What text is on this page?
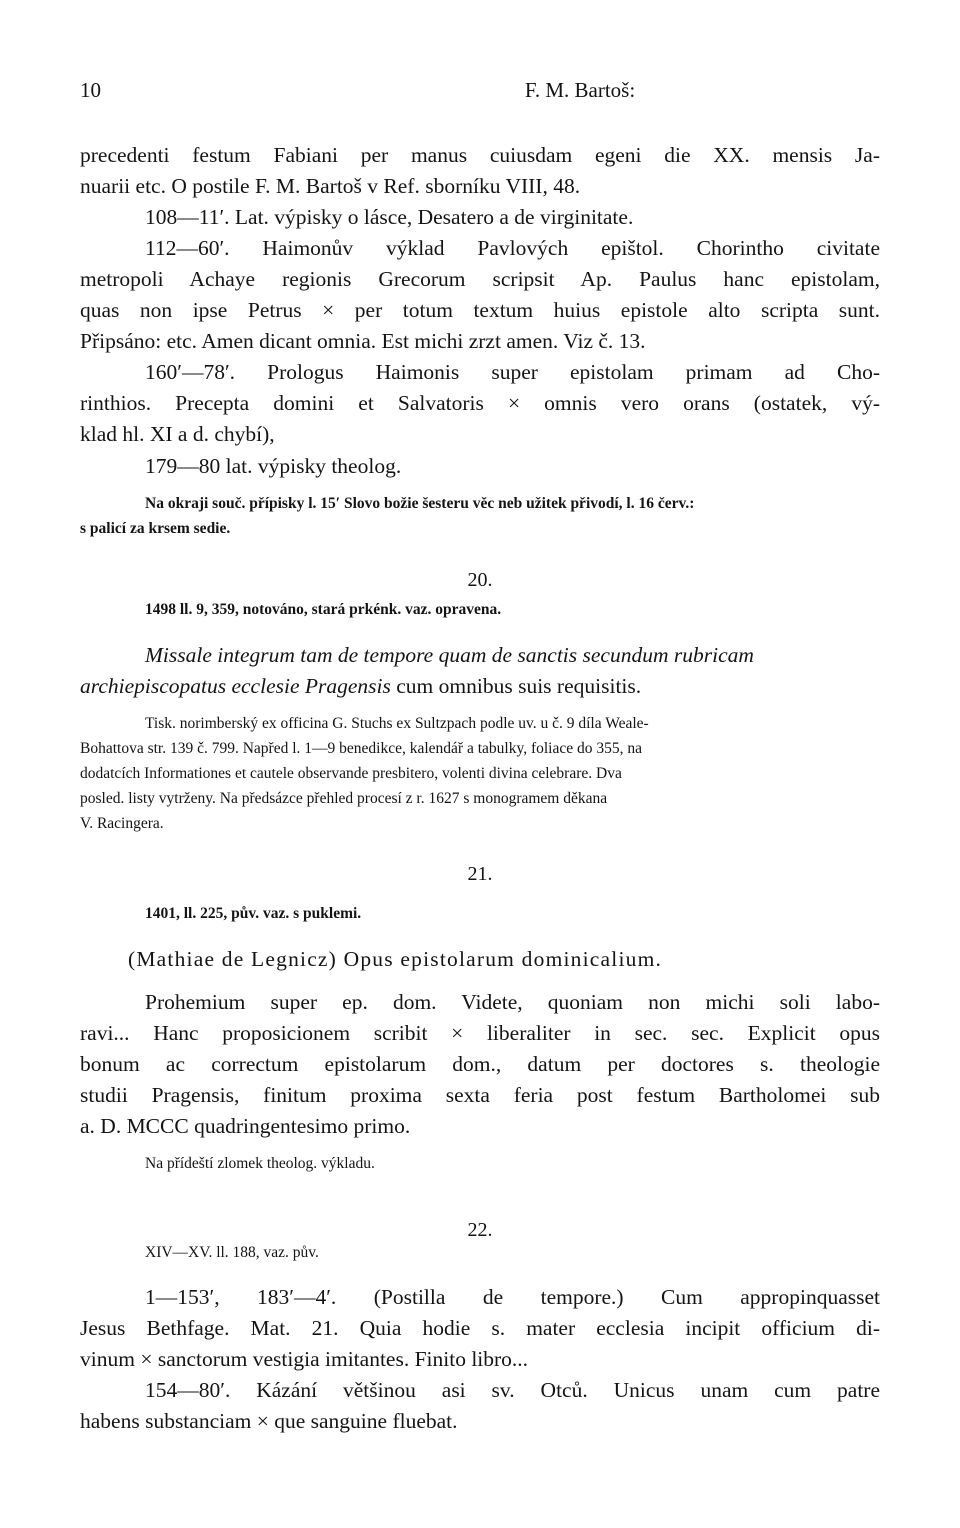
10	F. M. Bartoš:
precedenti festum Fabiani per manus cuiusdam egeni die XX. mensis Ja-
nuarii etc. O postile F. M. Bartoš v Ref. sborníku VIII, 48.
108—11′. Lat. výpisky o lásce, Desatero a de virginitate.
112—60′. Haimonův výklad Pavlových epištol. Chorintho civitate
metropoli Achaye regionis Grecorum scripsit Ap. Paulus hanc epistolam,
quas non ipse Petrus × per totum textum huius epistole alto scripta sunt.
Připsáno: etc. Amen dicant omnia. Est michi zrzt amen. Viz č. 13.
160′—78′. Prologus Haimonis super epistolam primam ad Cho-
rinthios. Precepta domini et Salvatoris × omnis vero orans (ostatek, vý-
klad hl. XI a d. chybí),
179—80 lat. výpisky theolog.
Na okraji souč. přípisky l. 15′ Slovo božie šesteru věc neb užitek přivodí, l. 16 červ.:
s palicí za krsem sedie.
20.
1498 ll. 9, 359, notováno, stará prkénk. vaz. opravena.
Missale integrum tam de tempore quam de sanctis secundum rubricam
archiepiscopatus ecclesie Pragensis cum omnibus suis requisitis.
Tisk. norimberský ex officina G. Stuchs ex Sultzpach podle uv. u č. 9 díla Weale-
Bohattova str. 139 č. 799. Napřed l. 1—9 benedikce, kalendář a tabulky, foliace do 355, na
dodatcích Informationes et cautele observande presbitero, volenti divina celebrare. Dva
posled. listy vytrženy. Na předsázce přehled procesí z r. 1627 s monogramem děkana
V. Racingera.
21.
1401, ll. 225, pův. vaz. s puklemi.
(Mathiae de Legnicz) Opus epistolarum dominicalium.
Prohemium super ep. dom. Videte, quoniam non michi soli labo-
ravi... Hanc proposicionem scribit × liberaliter in sec. sec. Explicit opus
bonum ac correctum epistolarum dom., datum per doctores s. theologie
studii Pragensis, finitum proxima sexta feria post festum Bartholomei sub
a. D. MCCC quadringentesimo primo.
Na přídeští zlomek theolog. výkladu.
22.
XIV—XV. ll. 188, vaz. pův.
1—153′, 183′—4′. (Postilla de tempore.) Cum appropinquasset
Jesus Bethfage. Mat. 21. Quia hodie s. mater ecclesia incipit officium di-
vinum × sanctorum vestigia imitantes. Finito libro...
154—80′. Kázání většinou asi sv. Otců. Unicus unam cum patre
habens substanciam × que sanguine fluebat.
